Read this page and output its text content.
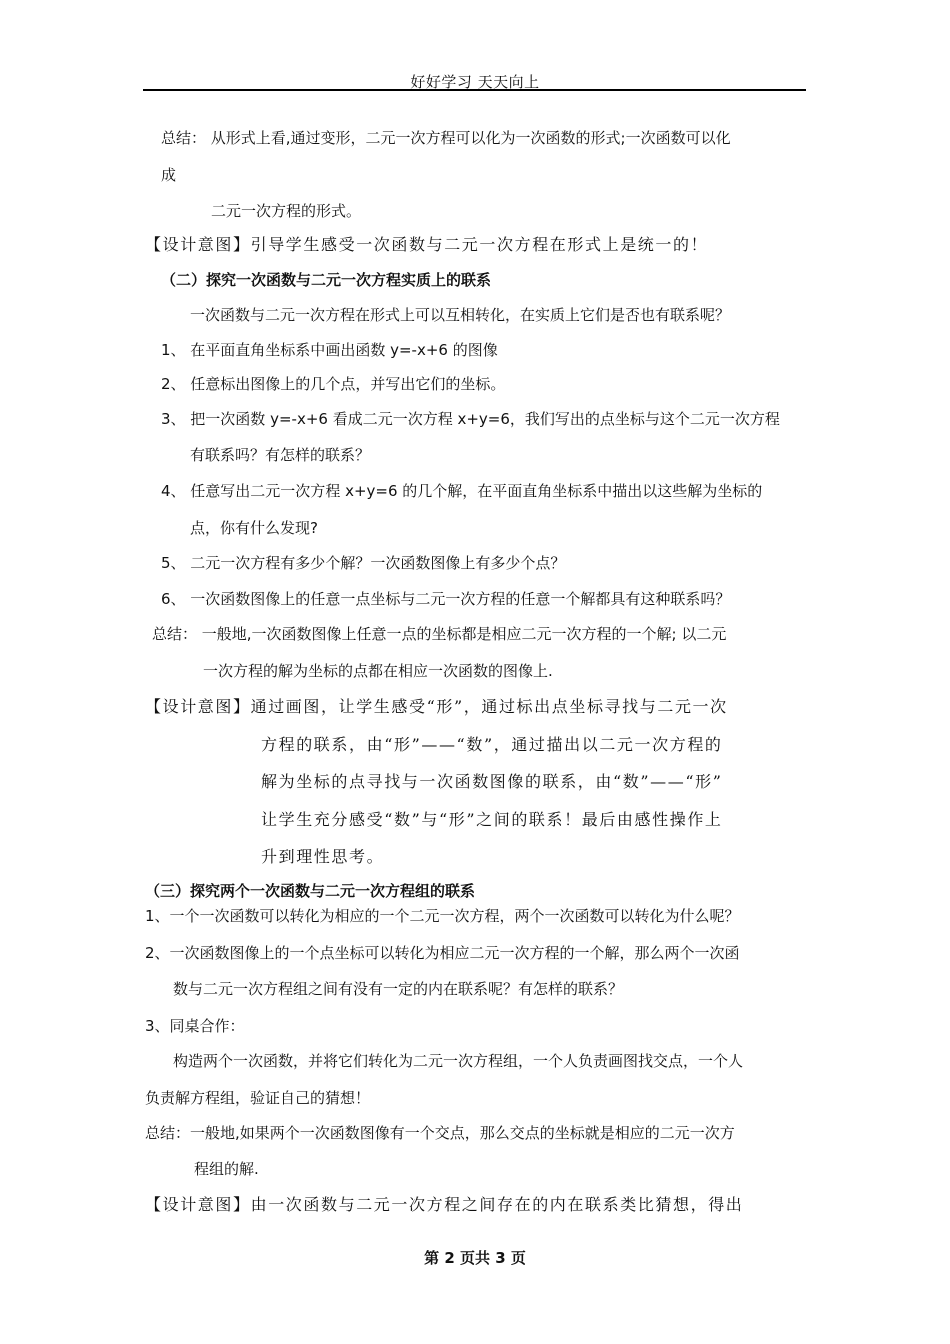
好好学习 天天向上
总结： 从形式上看,通过变形，二元一次方程可以化为一次函数的形式;一次函数可以化
成
二元一次方程的形式。
【设计意图】引导学生感受一次函数与二元一次方程在形式上是统一的！
（二）探究一次函数与二元一次方程实质上的联系
一次函数与二元一次方程在形式上可以互相转化，在实质上它们是否也有联系呢？
1、 在平面直角坐标系中画出函数 y=-x+6 的图像
2、 任意标出图像上的几个点，并写出它们的坐标。
3、 把一次函数 y=-x+6 看成二元一次方程 x+y=6，我们写出的点坐标与这个二元一次方程
有联系吗？有怎样的联系？
4、 任意写出二元一次方程 x+y=6 的几个解，在平面直角坐标系中描出以这些解为坐标的
点，你有什么发现?
5、 二元一次方程有多少个解？一次函数图像上有多少个点？
6、 一次函数图像上的任意一点坐标与二元一次方程的任意一个解都具有这种联系吗？
总结： 一般地,一次函数图像上任意一点的坐标都是相应二元一次方程的一个解; 以二元
一次方程的解为坐标的点都在相应一次函数的图像上.
【设计意图】通过画图，让学生感受“形”，通过标出点坐标寻找与二元一次
方程的联系，由“形”——“数”，通过描出以二元一次方程的
解为坐标的点寻找与一次函数图像的联系，由“数”——“形”
让学生充分感受“数”与“形”之间的联系！最后由感性操作上
升到理性思考。
（三）探究两个一次函数与二元一次方程组的联系
1、一个一次函数可以转化为相应的一个二元一次方程，两个一次函数可以转化为什么呢？
2、一次函数图像上的一个点坐标可以转化为相应二元一次方程的一个解，那么两个一次函
数与二元一次方程组之间有没有一定的内在联系呢？有怎样的联系？
3、同桌合作：
构造两个一次函数，并将它们转化为二元一次方程组，一个人负责画图找交点，一个人
负责解方程组，验证自己的猜想！
总结：一般地,如果两个一次函数图像有一个交点，那么交点的坐标就是相应的二元一次方
程组的解.
【设计意图】由一次函数与二元一次方程之间存在的内在联系类比猜想，得出
第 2 页共 3 页
